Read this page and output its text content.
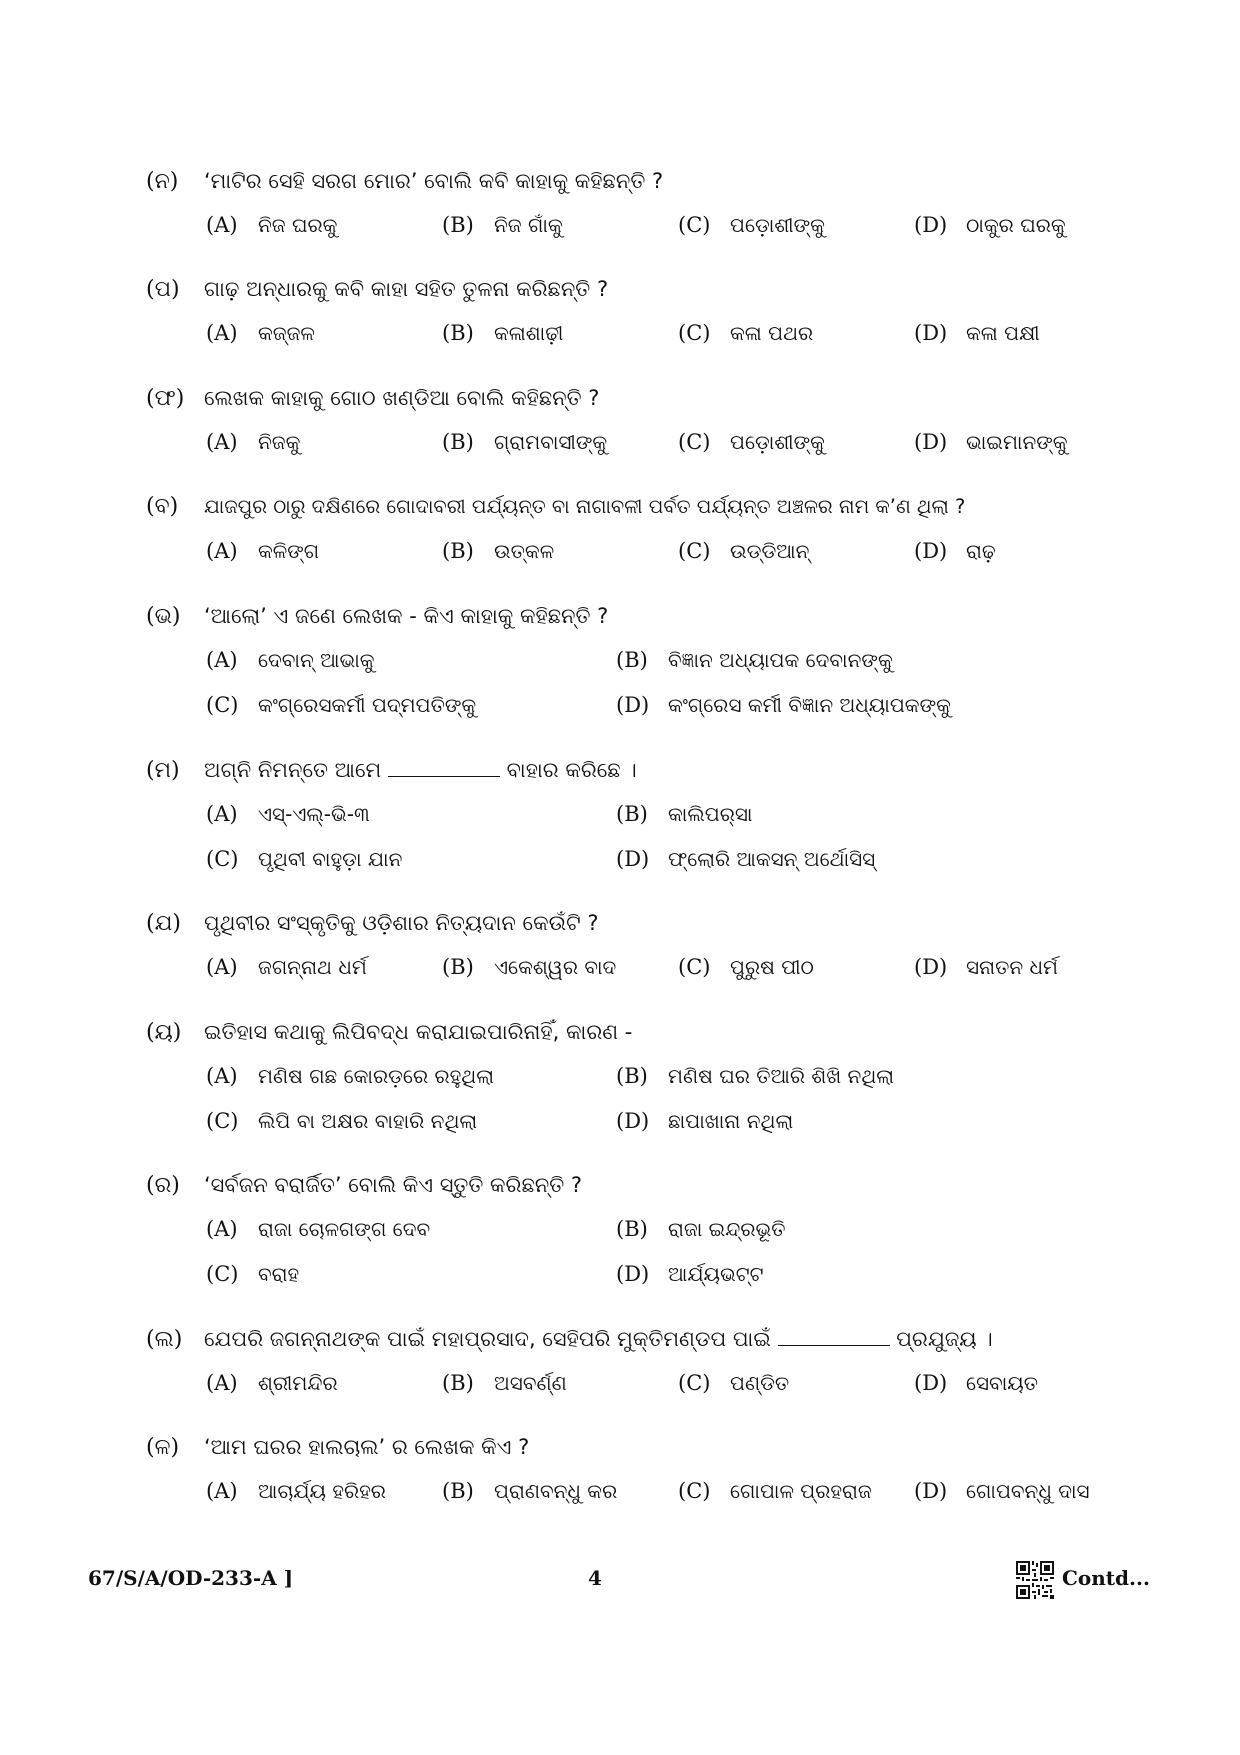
(ନ) ‘ମାଟିର ସେହି ସରଗ ମୋର’ ବୋଲି କବି କାହାକୁ କହିଛନ୍ତି ?
(A) ନିଜ ଘରକୁ	(B) ନିଜ ଗାଁକୁ	(C) ପଡ଼ୋଶୀଙ୍କୁ	(D) ଠାକୁର ଘରକୁ
(ପ) ଗାଢ଼ ଅନ୍ଧାରକୁ କବି କାହା ସହିତ ତୁଳନା କରିଛନ୍ତି ?
(A) କଜ୍ଜଳ	(B) କଳାଶାଢ଼ୀ	(C) କଳା ପଥର	(D) କଳା ପକ୍ଷୀ
(ଫ) ଲେଖକ କାହାକୁ ଗୋଠ ଖଣ୍ଡିଆ ବୋଲି କହିଛନ୍ତି ?
(A) ନିଜକୁ	(B) ଗ୍ରାମବାସୀଙ୍କୁ	(C) ପଡ଼ୋଶୀଙ୍କୁ	(D) ଭାଇମାନଙ୍କୁ
(ବ) ଯାଜପୁର ଠାରୁ ଦକ୍ଷିଣରେ ଗୋଦାବରୀ ପର୍ଯ୍ୟନ୍ତ ବା ନାଗାବଳୀ ପର୍ବତ ପର୍ଯ୍ୟନ୍ତ ଅଞ୍ଚଳର ନାମ କ’ଣ ଥିଲା ?
(A) କଳିଙ୍ଗ	(B) ଉତ୍କଳ	(C) ଉଡ୍‌ଡିଆନ୍	(D) ରାଢ଼
(ଭ) ‘ଆଲୋ’ ଏ ଜଣେ ଲେଖକ - କିଏ କାହାକୁ କହିଛନ୍ତି ?
(A) ଦେବାନ୍ ଆଭାକୁ	(B) ବିଜ୍ଞାନ ଅଧ୍ୟାପକ ଦେବାନଙ୍କୁ
(C) କଂଗ୍ରେସକର୍ମୀ ପଦ୍ମପତିଙ୍କୁ	(D) କଂଗ୍ରେସ କର୍ମୀ ବିଜ୍ଞାନ ଅଧ୍ୟାପକଙ୍କୁ
(ମ) ଅଗ୍ନି ନିମନ୍ତେ ଆମେ	ବାହାର କରିଛେ ।
(A) ଏସ୍-ଏଲ୍-ଭି-୩	(B) କାଲିପର୍‌ସା
(C) ପୃଥିବୀ ବାହୁଡ଼ା ଯାନ	(D) ଫ୍ଲୋରି ଆକସନ୍ ଅର୍ଥୋସିସ୍
(ଯ) ପୃଥିବୀର ସଂସ୍କୃତିକୁ ଓଡ଼ିଶାର ନିତ୍ୟଦାନ କେଉଁଟି ?
(A) ଜଗନ୍ନାଥ ଧର୍ମ	(B) ଏକେଶ୍ୱର ବାଦ	(C) ପୁରୁଷ ପୀଠ	(D) ସନାତନ ଧର୍ମ
(ୟ) ଇତିହାସ କଥାକୁ ଲିପିବଦ୍ଧ କରାଯାଇପାରିନାହିଁ, କାରଣ -
(A) ମଣିଷ ଗଛ କୋରଡ଼ରେ ରହୁଥିଲା	(B) ମଣିଷ ଘର ତିଆରି ଶିଖି ନଥିଲା
(C) ଲିପି ବା ଅକ୍ଷର ବାହାରି ନଥିଲା	(D) ଛାପାଖାନା ନଥିଲା
(ର) ‘ସର୍ବଜନ ବରାର୍ଜିତ’ ବୋଲି କିଏ ସ୍ତୁତି କରିଛନ୍ତି ?
(A) ରାଜା ଚୋଳଗଙ୍ଗ ଦେବ	(B) ରାଜା ଇନ୍ଦ୍ରଭୂତି
(C) ବରାହ	(D) ଆର୍ଯ୍ୟଭଟ୍ଟ
(ଲ) ଯେପରି ଜଗନ୍ନାଥଙ୍କ ପାଇଁ ମହାପ୍ରସାଦ, ସେହିପରି ମୁକ୍ତିମଣ୍ଡପ ପାଇଁ	ପ୍ରଯୁଜ୍ୟ ।
(A) ଶ୍ରୀମନ୍ଦିର	(B) ଅସବର୍ଣ୍ଣ	(C) ପଣ୍ଡିତ	(D) ସେବାୟତ
(ଳ) ‘ଆମ ଘରର ହାଲଚାଲ’ ର ଲେଖକ କିଏ ?
(A) ଆଚାର୍ଯ୍ୟ ହରିହର	(B) ପ୍ରାଣବନ୍ଧୁ କର	(C) ଗୋପାଳ ପ୍ରହରାଜ (D) ଗୋପବନ୍ଧୁ ଦାସ
67/S/A/OD-233-A ]	4	Contd...
